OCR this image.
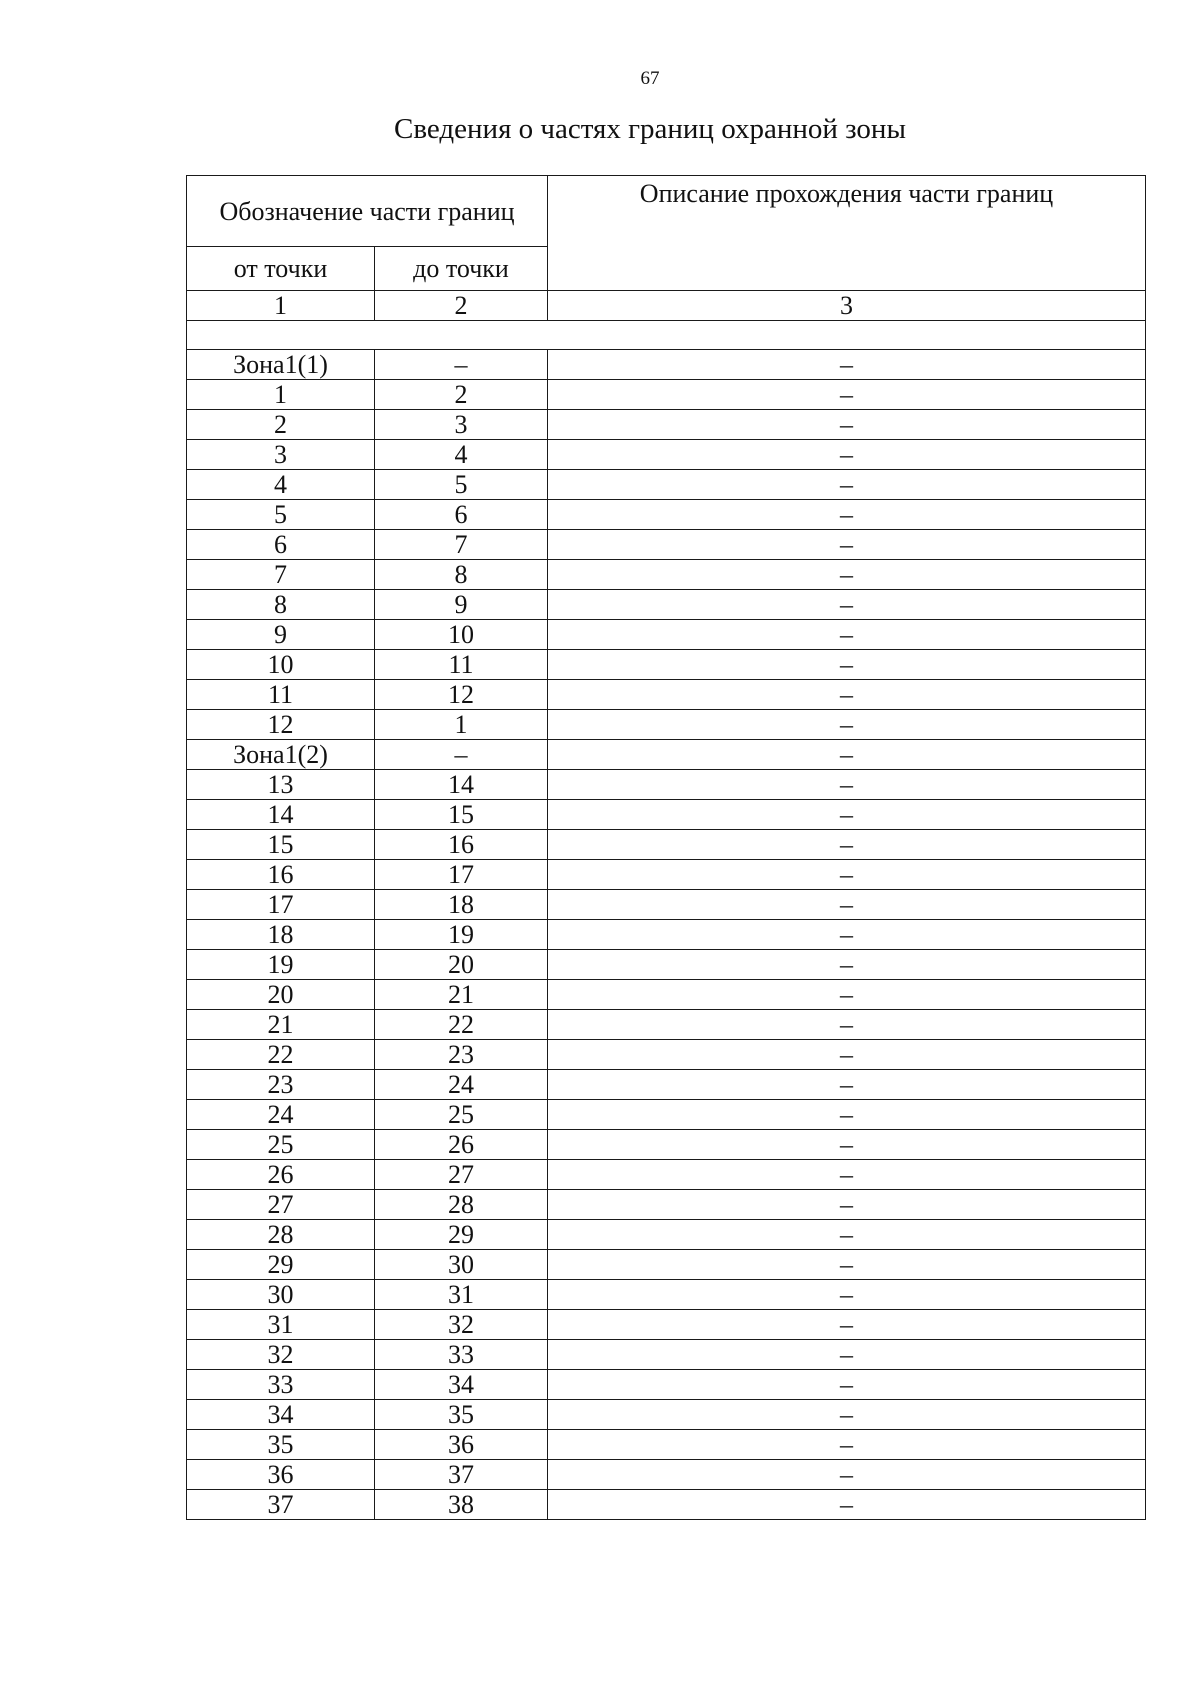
67
Сведения о частях границ охранной зоны
Обозначение части границ		Описание прохождения части границ
от точки	до точки	
1	2	3

Зона1(1)	–	–
1	2	–
2	3	–
3	4	–
4	5	–
5	6	–
6	7	–
7	8	–
8	9	–
9	10	–
10	11	–
11	12	–
12	1	–
Зона1(2)	–	–
13	14	–
14	15	–
15	16	–
16	17	–
17	18	–
18	19	–
19	20	–
20	21	–
21	22	–
22	23	–
23	24	–
24	25	–
25	26	–
26	27	–
27	28	–
28	29	–
29	30	–
30	31	–
31	32	–
32	33	–
33	34	–
34	35	–
35	36	–
36	37	–
37	38	–
